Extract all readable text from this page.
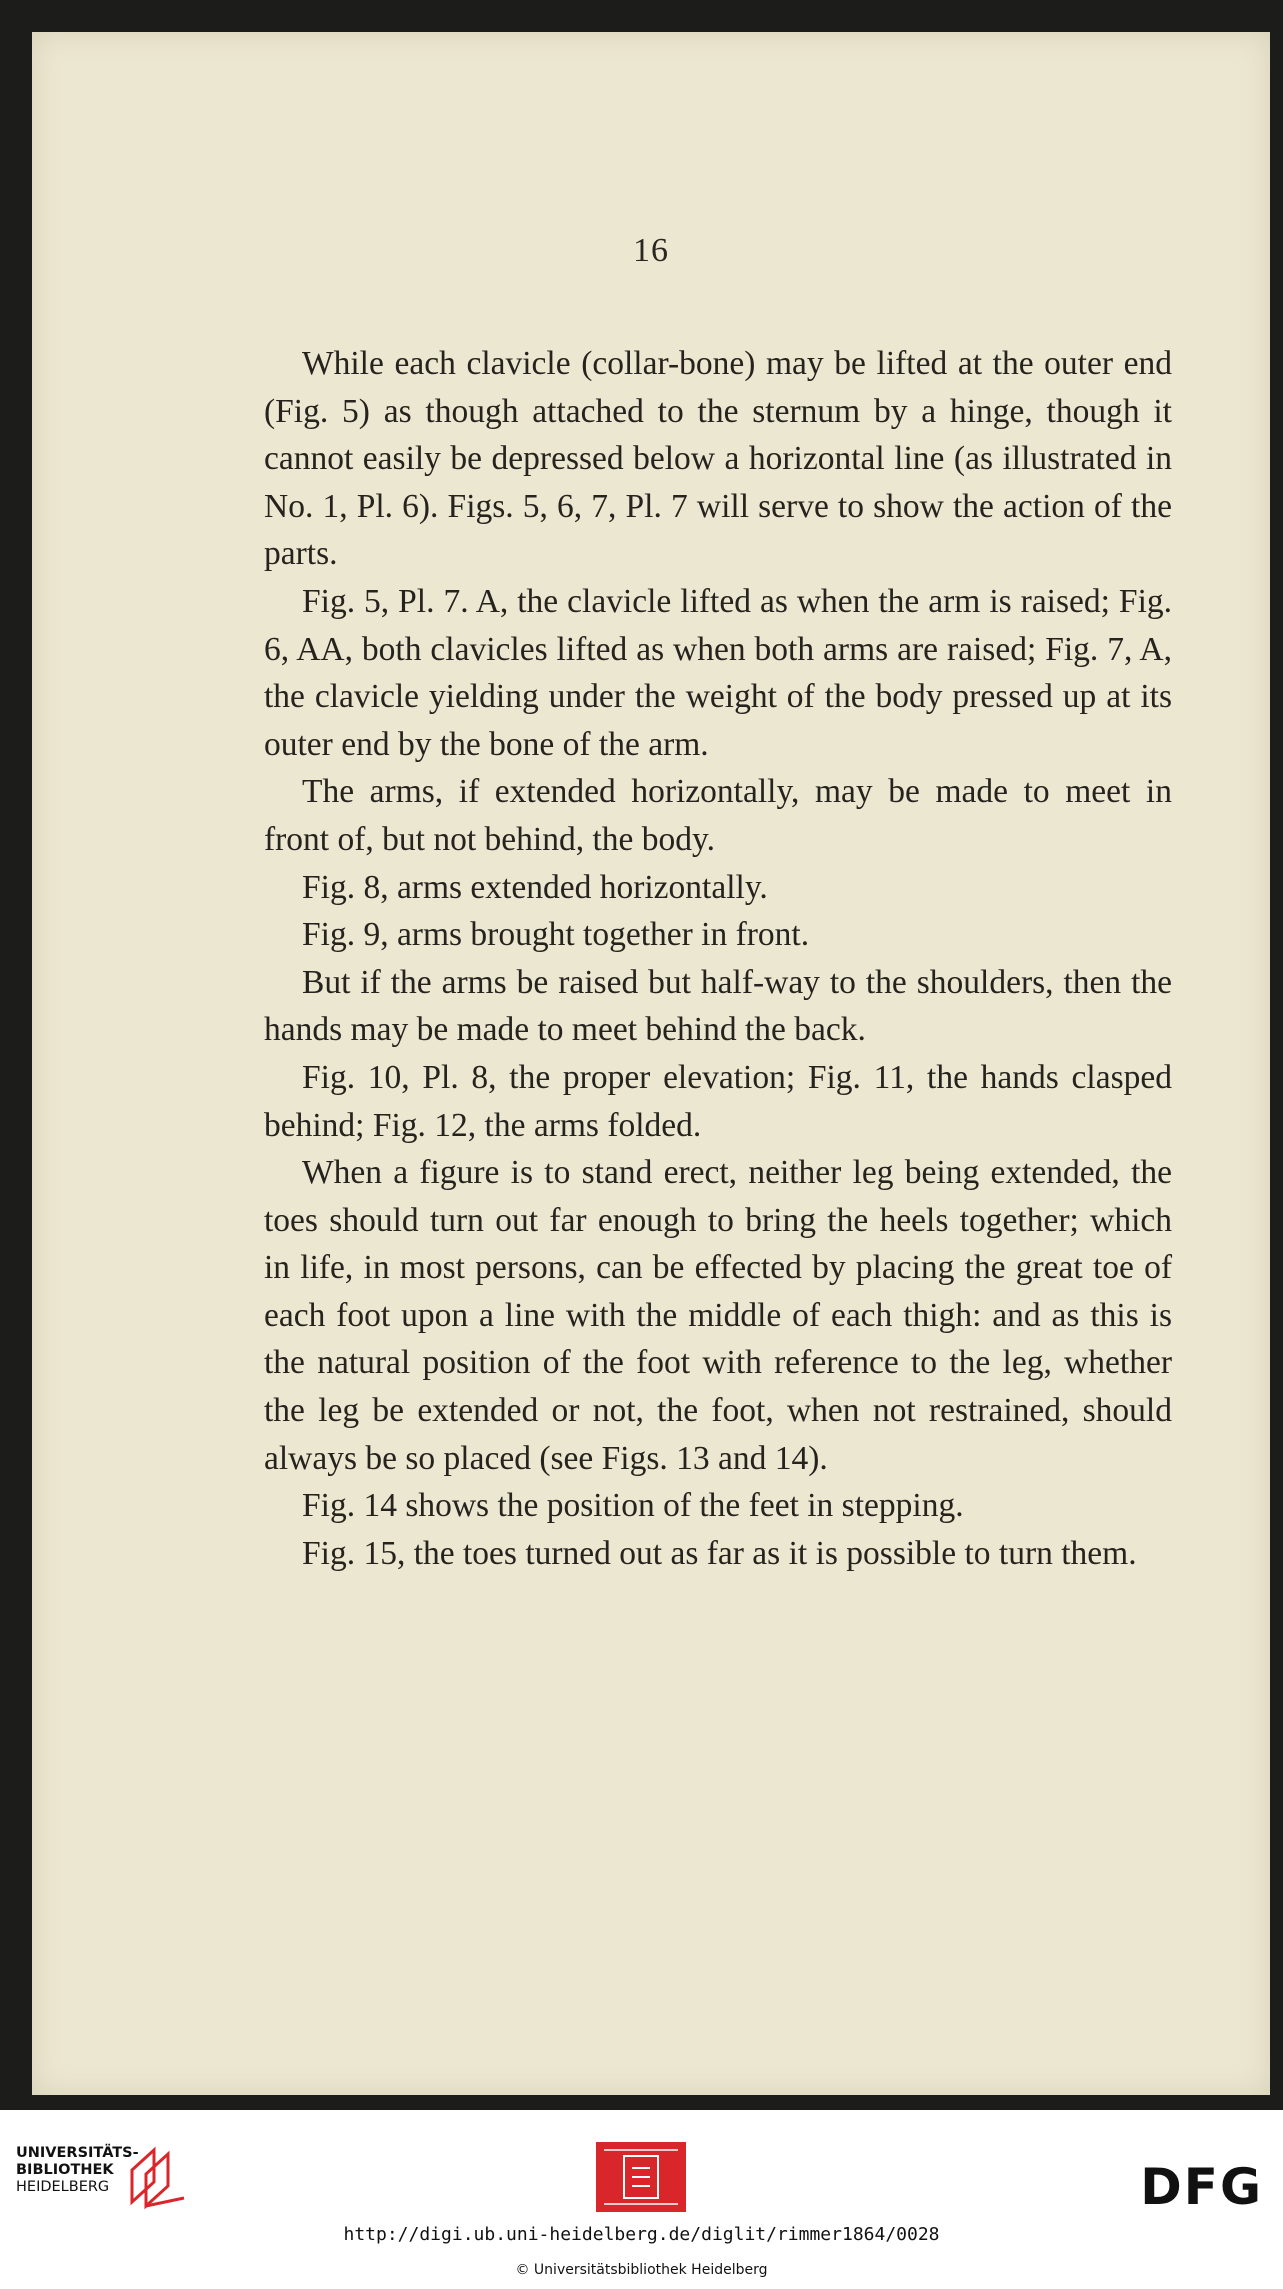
16

While each clavicle (collar-bone) may be lifted at the outer end (Fig. 5) as though attached to the sternum by a hinge, though it cannot easily be depressed below a horizontal line (as illustrated in No. 1, Pl. 6). Figs. 5, 6, 7, Pl. 7 will serve to show the action of the parts.

Fig. 5, Pl. 7. A, the clavicle lifted as when the arm is raised; Fig. 6, AA, both clavicles lifted as when both arms are raised; Fig. 7, A, the clavicle yielding under the weight of the body pressed up at its outer end by the bone of the arm.

The arms, if extended horizontally, may be made to meet in front of, but not behind, the body.

Fig. 8, arms extended horizontally.

Fig. 9, arms brought together in front.

But if the arms be raised but half-way to the shoulders, then the hands may be made to meet behind the back.

Fig. 10, Pl. 8, the proper elevation; Fig. 11, the hands clasped behind; Fig. 12, the arms folded.

When a figure is to stand erect, neither leg being extended, the toes should turn out far enough to bring the heels together; which in life, in most persons, can be effected by placing the great toe of each foot upon a line with the middle of each thigh: and as this is the natural position of the foot with reference to the leg, whether the leg be extended or not, the foot, when not restrained, should always be so placed (see Figs. 13 and 14).

Fig. 14 shows the position of the feet in stepping.

Fig. 15, the toes turned out as far as it is possible to turn them.

UNIVERSITÄTS-
BIBLIOTHEK
HEIDELBERG	DFG
http://digi.ub.uni-heidelberg.de/diglit/rimmer1864/0028
© Universitätsbibliothek Heidelberg
